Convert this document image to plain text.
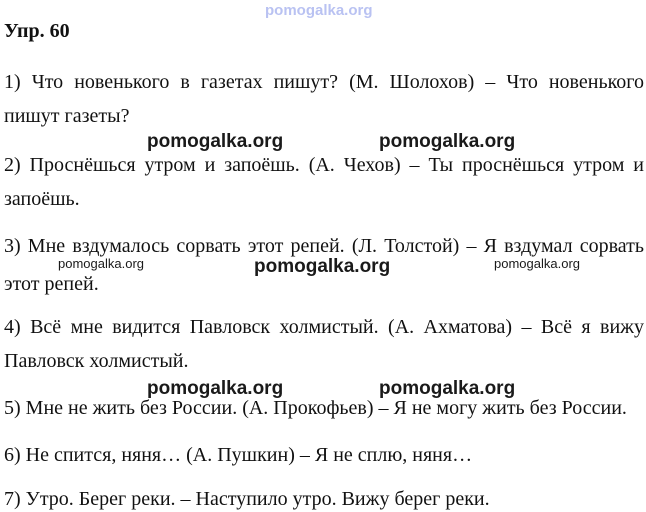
pomogalka.org
Упр. 60
1) Что новенького в газетах пишут? (М. Шолохов) – Что новенького
пишут газеты?
pomogalka.org	pomogalka.org
2) Проснёшься утром и запоёшь. (А. Чехов) – Ты проснёшься утром и
запоёшь.
3) Мне вздумалось сорвать этот репей. (Л. Толстой) – Я вздумал сорвать
pomogalka.org	pomogalka.org	pomogalka.org
этот репей.
4) Всё мне видится Павловск холмистый. (А. Ахматова) – Всё я вижу
Павловск холмистый.
pomogalka.org	pomogalka.org
5) Мне не жить без России. (А. Прокофьев) – Я не могу жить без России.
6) Не спится, няня… (А. Пушкин) – Я не сплю, няня…
7) Утро. Берег реки. – Наступило утро. Вижу берег реки.
